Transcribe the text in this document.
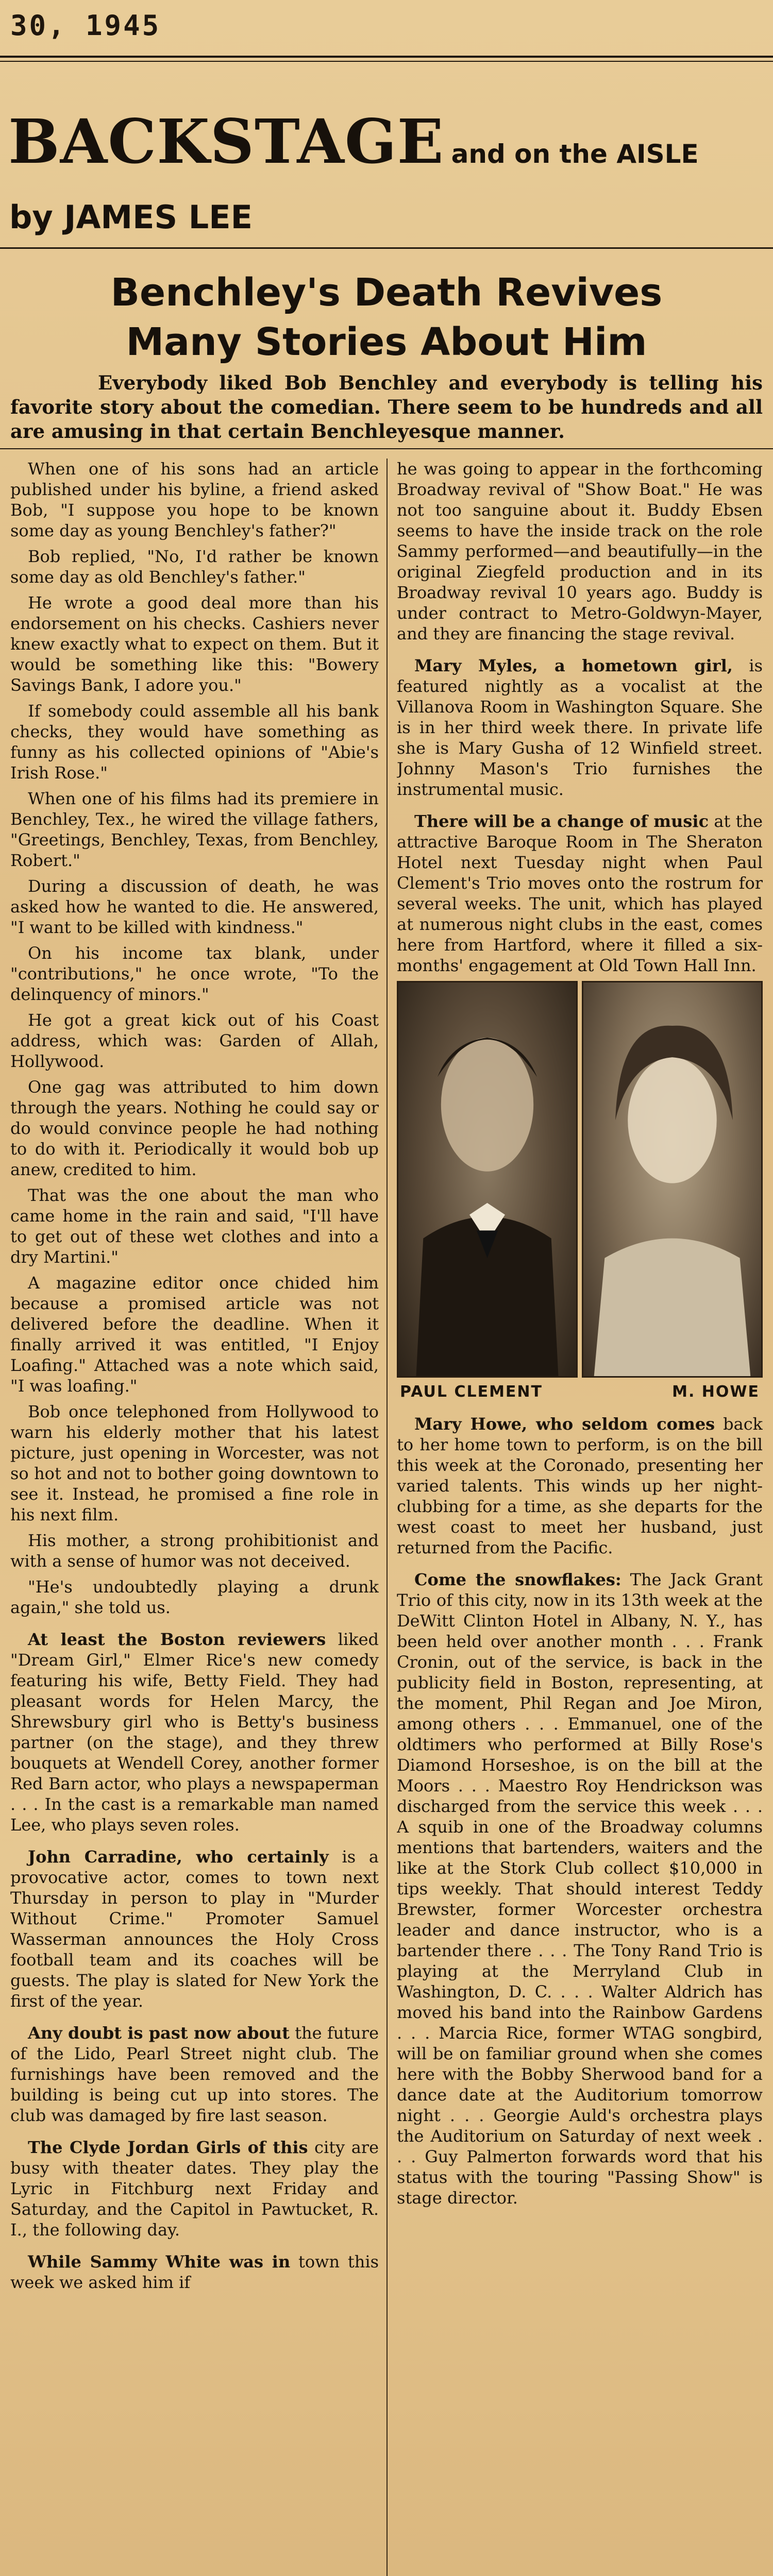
30, 1945
BACKSTAGE and on the AISLE
by JAMES LEE
Benchley's Death Revives
Many Stories About Him
Everybody liked Bob Benchley and everybody is telling his favorite story about the comedian. There seem to be hundreds and all are amusing in that certain Benchleyesque manner.

When one of his sons had an article published under his byline, a friend asked Bob, "I suppose you hope to be known some day as young Benchley's father?"

Bob replied, "No, I'd rather be known some day as old Benchley's father."

He wrote a good deal more than his endorsement on his checks. Cashiers never knew exactly what to expect on them. But it would be something like this: "Bowery Savings Bank, I adore you."

If somebody could assemble all his bank checks, they would have something as funny as his collected opinions of "Abie's Irish Rose."

When one of his films had its premiere in Benchley, Tex., he wired the village fathers, "Greetings, Benchley, Texas, from Benchley, Robert."

During a discussion of death, he was asked how he wanted to die. He answered, "I want to be killed with kindness."

On his income tax blank, under "contributions," he once wrote, "To the delinquency of minors."

He got a great kick out of his Coast address, which was: Garden of Allah, Hollywood.

One gag was attributed to him down through the years. Nothing he could say or do would convince people he had nothing to do with it. Periodically it would bob up anew, credited to him.

That was the one about the man who came home in the rain and said, "I'll have to get out of these wet clothes and into a dry Martini."

A magazine editor once chided him because a promised article was not delivered before the deadline. When it finally arrived it was entitled, "I Enjoy Loafing." Attached was a note which said, "I was loafing."

Bob once telephoned from Hollywood to warn his elderly mother that his latest picture, just opening in Worcester, was not so hot and not to bother going downtown to see it. Instead, he promised a fine role in his next film.

His mother, a strong prohibitionist and with a sense of humor was not deceived.

"He's undoubtedly playing a drunk again," she told us.

At least the Boston reviewers liked "Dream Girl," Elmer Rice's new comedy featuring his wife, Betty Field. They had pleasant words for Helen Marcy, the Shrewsbury girl who is Betty's business partner (on the stage), and they threw bouquets at Wendell Corey, another former Red Barn actor, who plays a newspaperman . . . In the cast is a remarkable man named Lee, who plays seven roles.

John Carradine, who certainly is a provocative actor, comes to town next Thursday in person to play in "Murder Without Crime." Promoter Samuel Wasserman announces the Holy Cross football team and its coaches will be guests. The play is slated for New York the first of the year.

Any doubt is past now about the future of the Lido, Pearl Street night club. The furnishings have been removed and the building is being cut up into stores. The club was damaged by fire last season.

The Clyde Jordan Girls of this city are busy with theater dates. They play the Lyric in Fitchburg next Friday and Saturday, and the Capitol in Pawtucket, R. I., the following day.

While Sammy White was in town this week we asked him if

he was going to appear in the forthcoming Broadway revival of "Show Boat." He was not too sanguine about it. Buddy Ebsen seems to have the inside track on the role Sammy performed—and beautifully—in the original Ziegfeld production and in its Broadway revival 10 years ago. Buddy is under contract to Metro-Goldwyn-Mayer, and they are financing the stage revival.

Mary Myles, a hometown girl, is featured nightly as a vocalist at the Villanova Room in Washington Square. She is in her third week there. In private life she is Mary Gusha of 12 Winfield street. Johnny Mason's Trio furnishes the instrumental music.

There will be a change of music at the attractive Baroque Room in The Sheraton Hotel next Tuesday night when Paul Clement's Trio moves onto the rostrum for several weeks. The unit, which has played at numerous night clubs in the east, comes here from Hartford, where it filled a six-months' engagement at Old Town Hall Inn.

PAUL CLEMENT	M. HOWE

Mary Howe, who seldom comes back to her home town to perform, is on the bill this week at the Coronado, presenting her varied talents. This winds up her night-clubbing for a time, as she departs for the west coast to meet her husband, just returned from the Pacific.

Come the snowflakes: The Jack Grant Trio of this city, now in its 13th week at the DeWitt Clinton Hotel in Albany, N. Y., has been held over another month . . . Frank Cronin, out of the service, is back in the publicity field in Boston, representing, at the moment, Phil Regan and Joe Miron, among others . . . Emmanuel, one of the oldtimers who performed at Billy Rose's Diamond Horseshoe, is on the bill at the Moors . . . Maestro Roy Hendrickson was discharged from the service this week . . . A squib in one of the Broadway columns mentions that bartenders, waiters and the like at the Stork Club collect $10,000 in tips weekly. That should interest Teddy Brewster, former Worcester orchestra leader and dance instructor, who is a bartender there . . . The Tony Rand Trio is playing at the Merryland Club in Washington, D. C. . . . Walter Aldrich has moved his band into the Rainbow Gardens . . . Marcia Rice, former WTAG songbird, will be on familiar ground when she comes here with the Bobby Sherwood band for a dance date at the Auditorium tomorrow night . . . Georgie Auld's orchestra plays the Auditorium on Saturday of next week . . . Guy Palmerton forwards word that his status with the touring "Passing Show" is stage director.
